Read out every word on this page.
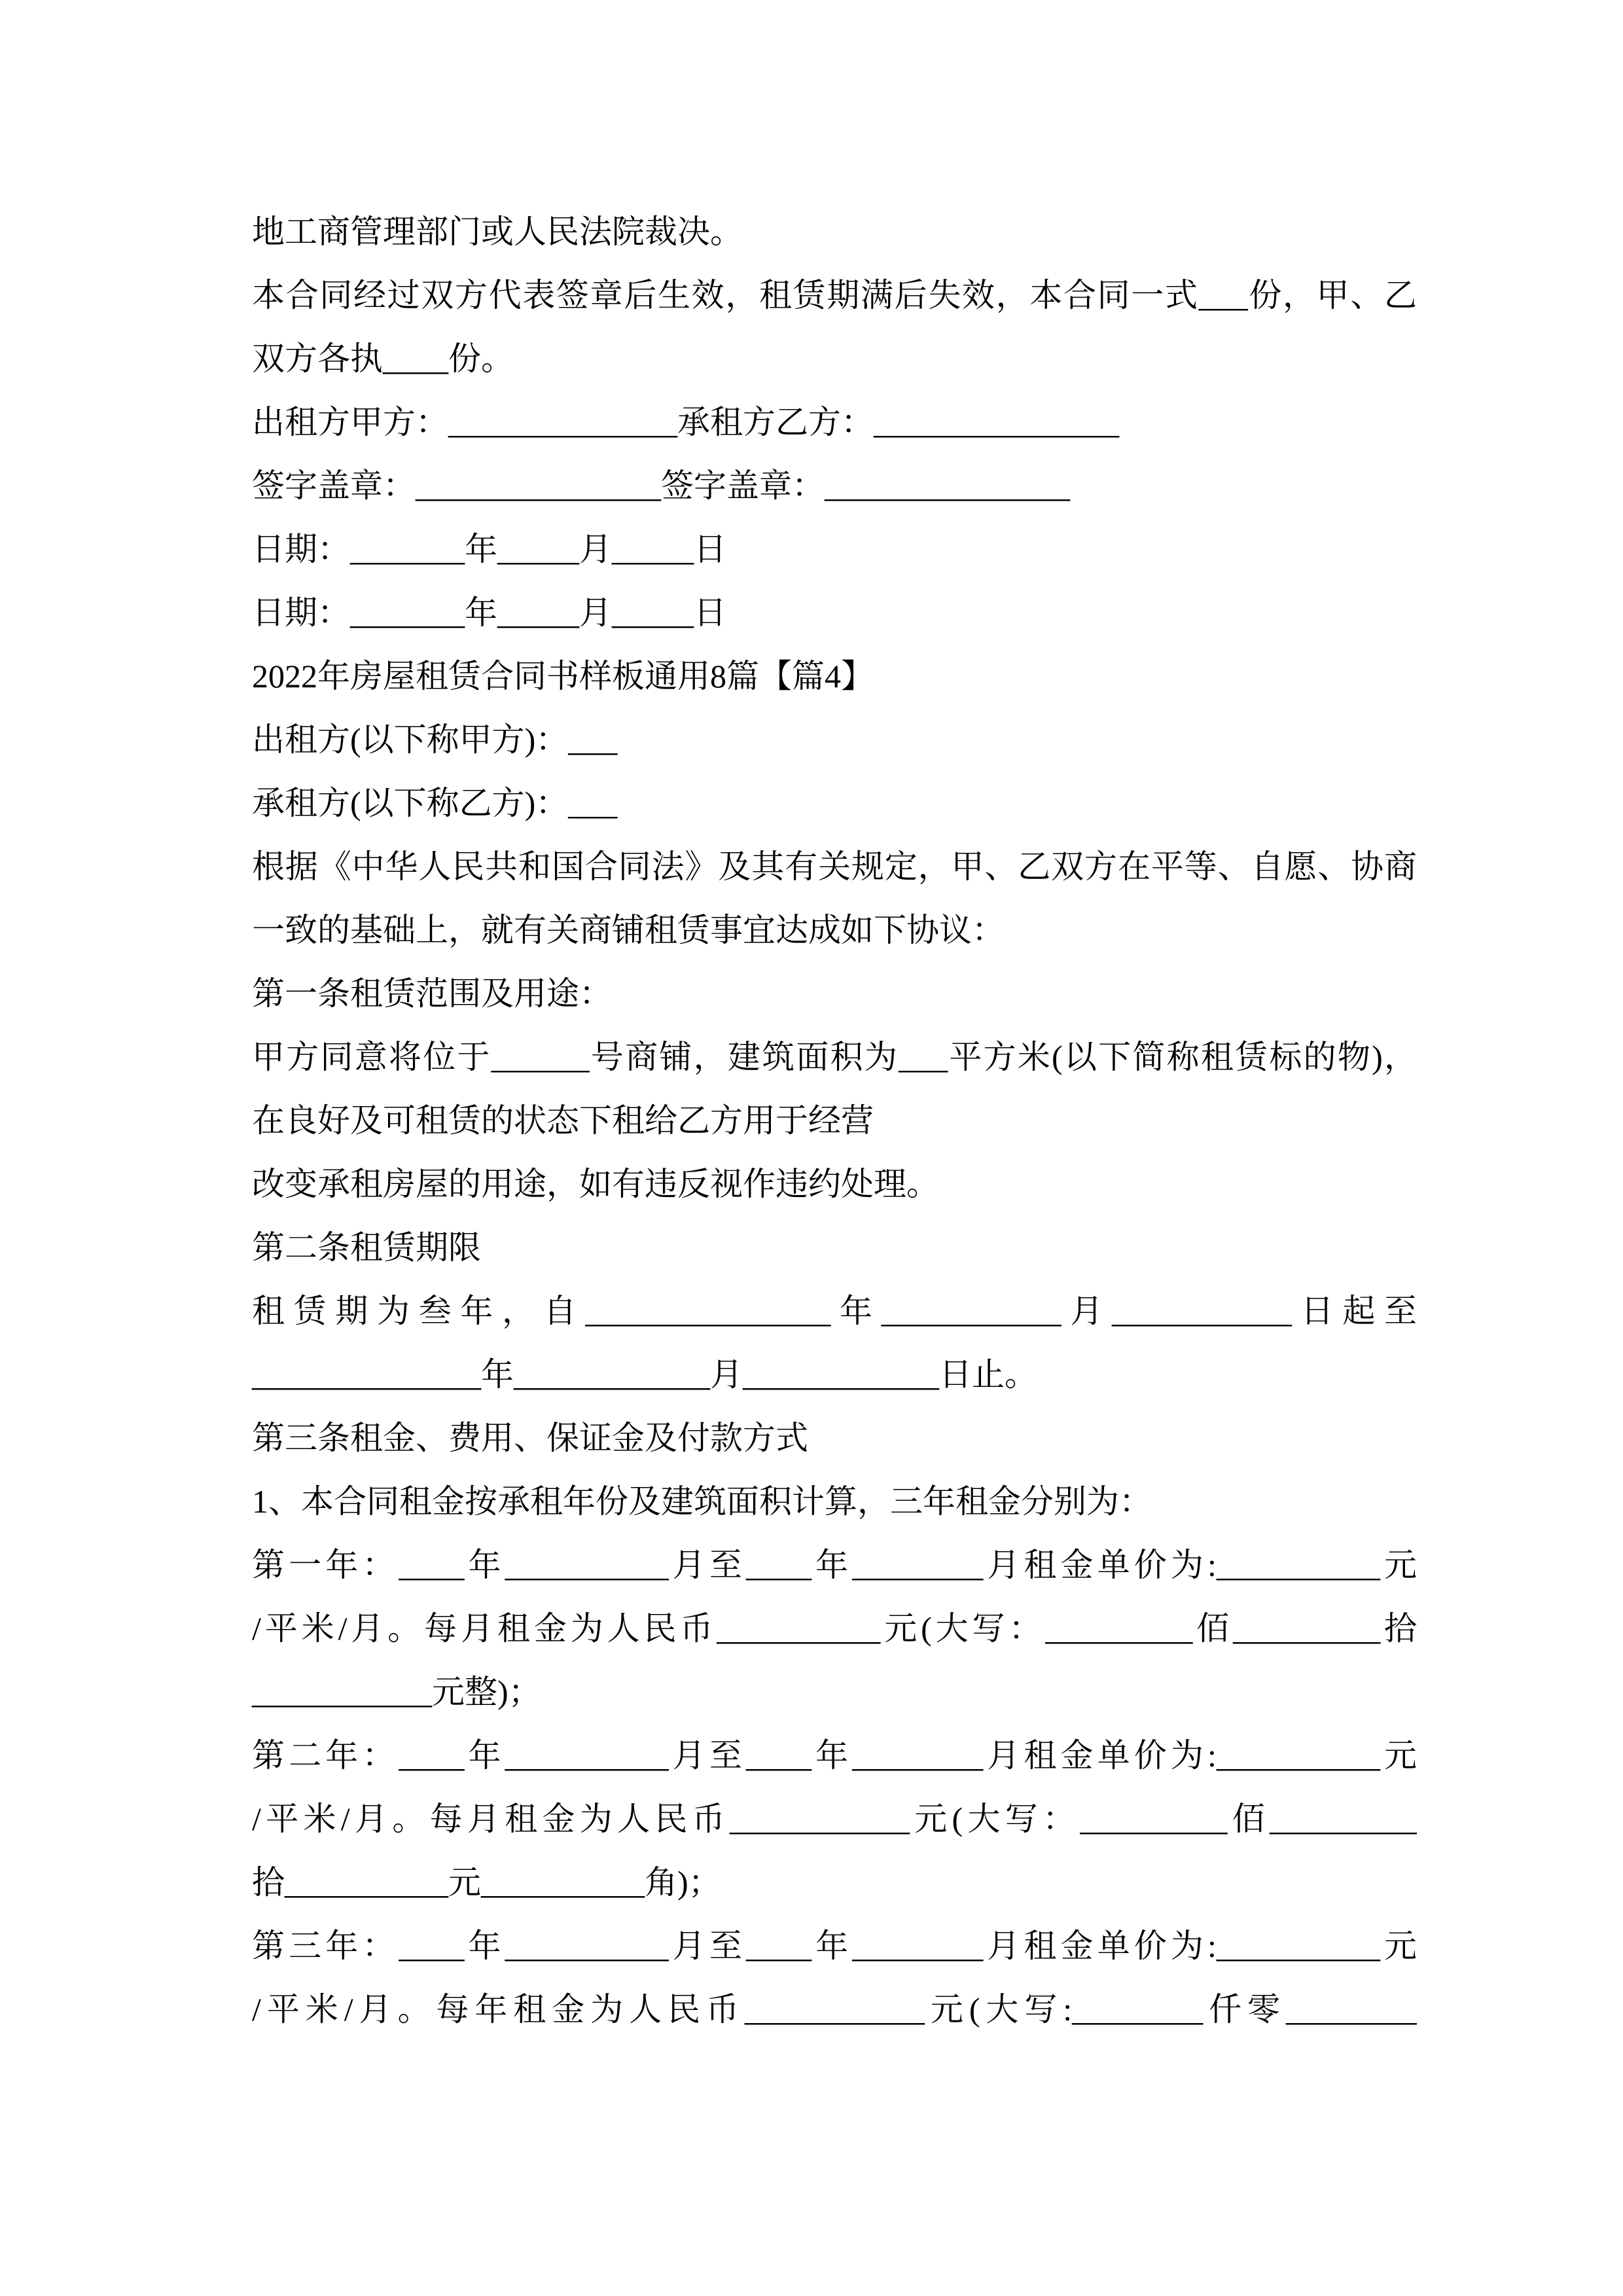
地工商管理部门或人民法院裁决。
本合同经过双方代表签章后生效，租赁期满后失效，本合同一式___份，甲、乙
双方各执____份。
出租方甲方：______________承租方乙方：_______________
签字盖章：_______________签字盖章：_______________
日期：_______年_____月_____日
日期：_______年_____月_____日
2022年房屋租赁合同书样板通用8篇【篇4】
出租方(以下称甲方)：___
承租方(以下称乙方)：___
根据《中华人民共和国合同法》及其有关规定，甲、乙双方在平等、自愿、协商
一致的基础上，就有关商铺租赁事宜达成如下协议：
第一条租赁范围及用途：
甲方同意将位于______号商铺，建筑面积为___平方米(以下简称租赁标的物)，
在良好及可租赁的状态下租给乙方用于经营
改变承租房屋的用途，如有违反视作违约处理。
第二条租赁期限
租赁期为叁年，自_______________年___________月___________日起至
______________年____________月____________日止。
第三条租金、费用、保证金及付款方式
1、本合同租金按承租年份及建筑面积计算，三年租金分别为：
第一年：____年__________月至____年________月租金单价为:__________元
/平米/月。每月租金为人民币__________元(大写：_________佰_________拾
___________元整)；
第二年：____年__________月至____年________月租金单价为:__________元
/平米/月。每月租金为人民币___________元(大写：_________佰_________
拾__________元__________角)；
第三年：____年__________月至____年________月租金单价为:__________元
/平米/月。每年租金为人民币___________元(大写:________仟零________
